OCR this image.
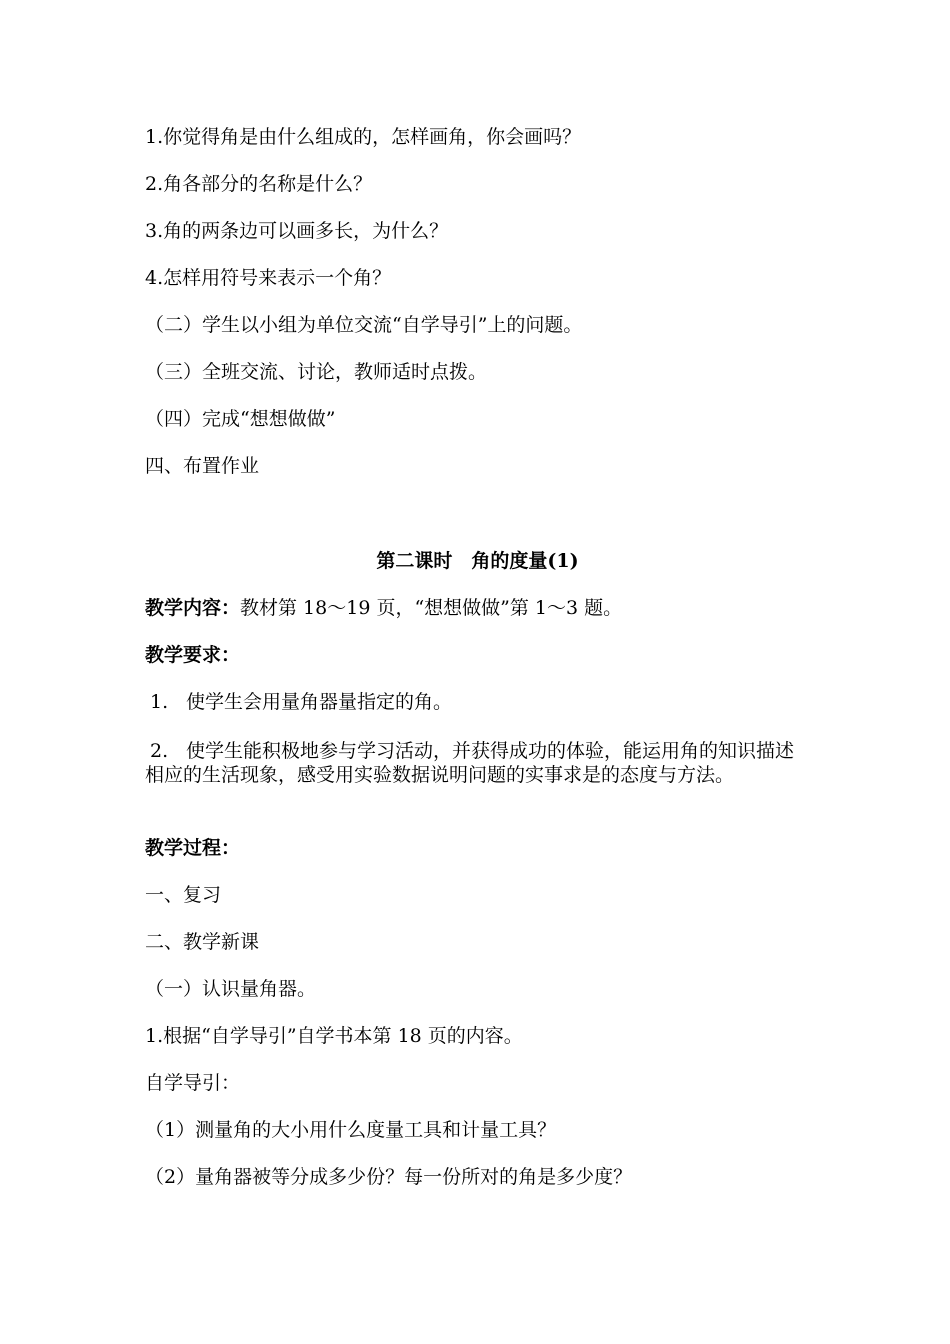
1.你觉得角是由什么组成的，怎样画角，你会画吗？
2.角各部分的名称是什么？
3.角的两条边可以画多长，为什么？
4.怎样用符号来表示一个角？
（二）学生以小组为单位交流“自学导引”上的问题。
（三）全班交流、讨论，教师适时点拨。
（四）完成“想想做做”
四、布置作业
第二课时　角的度量(1)
教学内容：教材第 18～19 页，“想想做做”第 1～3 题。
教学要求：
1. 使学生会用量角器量指定的角。
2. 使学生能积极地参与学习活动，并获得成功的体验，能运用角的知识描述相应的生活现象，感受用实验数据说明问题的实事求是的态度与方法。
教学过程：
一、复习
二、教学新课
（一）认识量角器。
1.根据“自学导引”自学书本第 18 页的内容。
自学导引：
（1）测量角的大小用什么度量工具和计量工具？
（2）量角器被等分成多少份？每一份所对的角是多少度？
